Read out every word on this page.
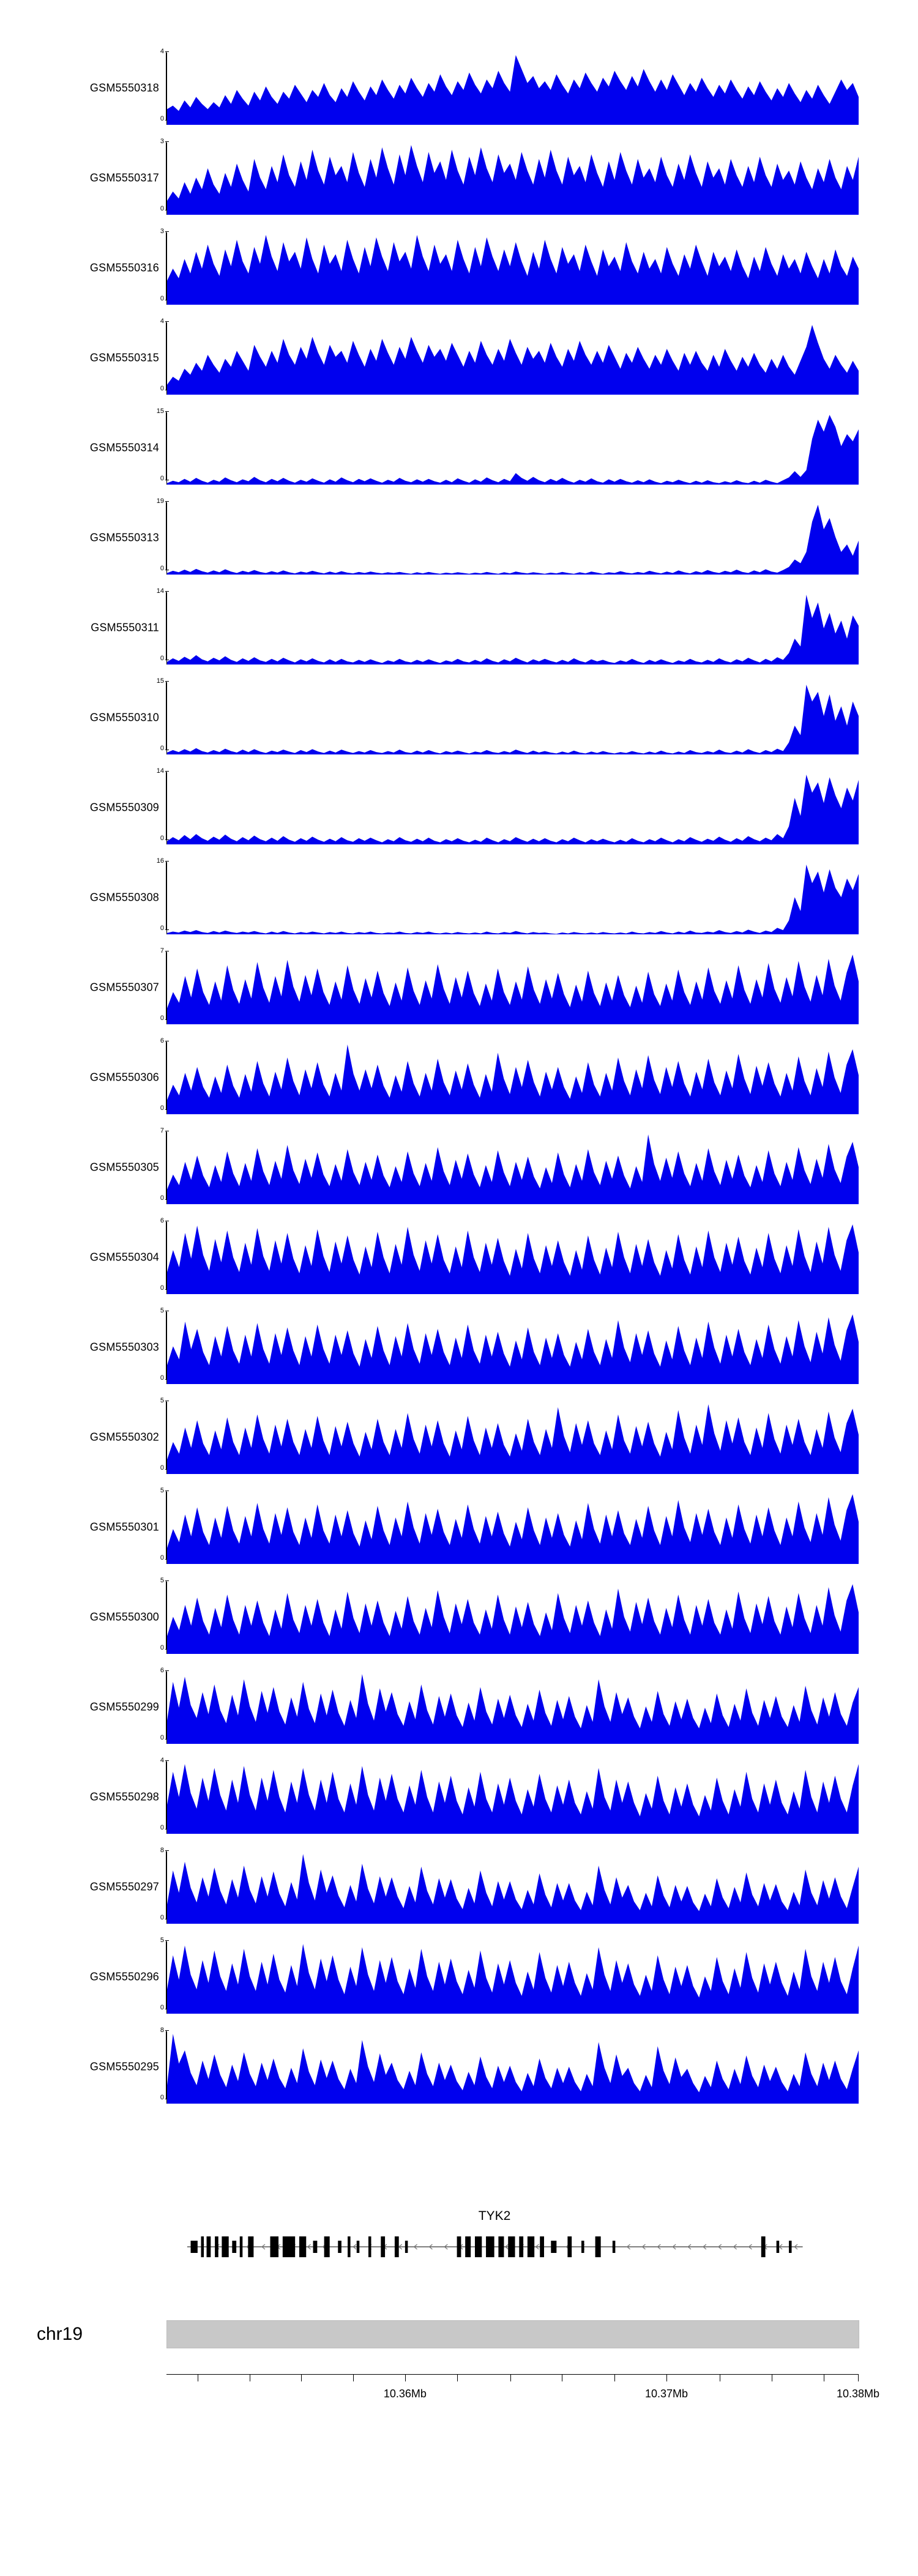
GSM5550318
4
0
GSM5550317
3
0
GSM5550316
3
0
GSM5550315
4
0
GSM5550314
15
0
GSM5550313
19
0
GSM5550311
14
0
GSM5550310
15
0
GSM5550309
14
0
GSM5550308
16
0
GSM5550307
7
0
GSM5550306
6
0
GSM5550305
7
0
GSM5550304
6
0
GSM5550303
5
0
GSM5550302
5
0
GSM5550301
5
0
GSM5550300
5
0
GSM5550299
6
0
GSM5550298
4
0
GSM5550297
8
0
GSM5550296
5
0
GSM5550295
8
0
TYK2
chr19
10.36Mb	10.37Mb	10.38Mb
